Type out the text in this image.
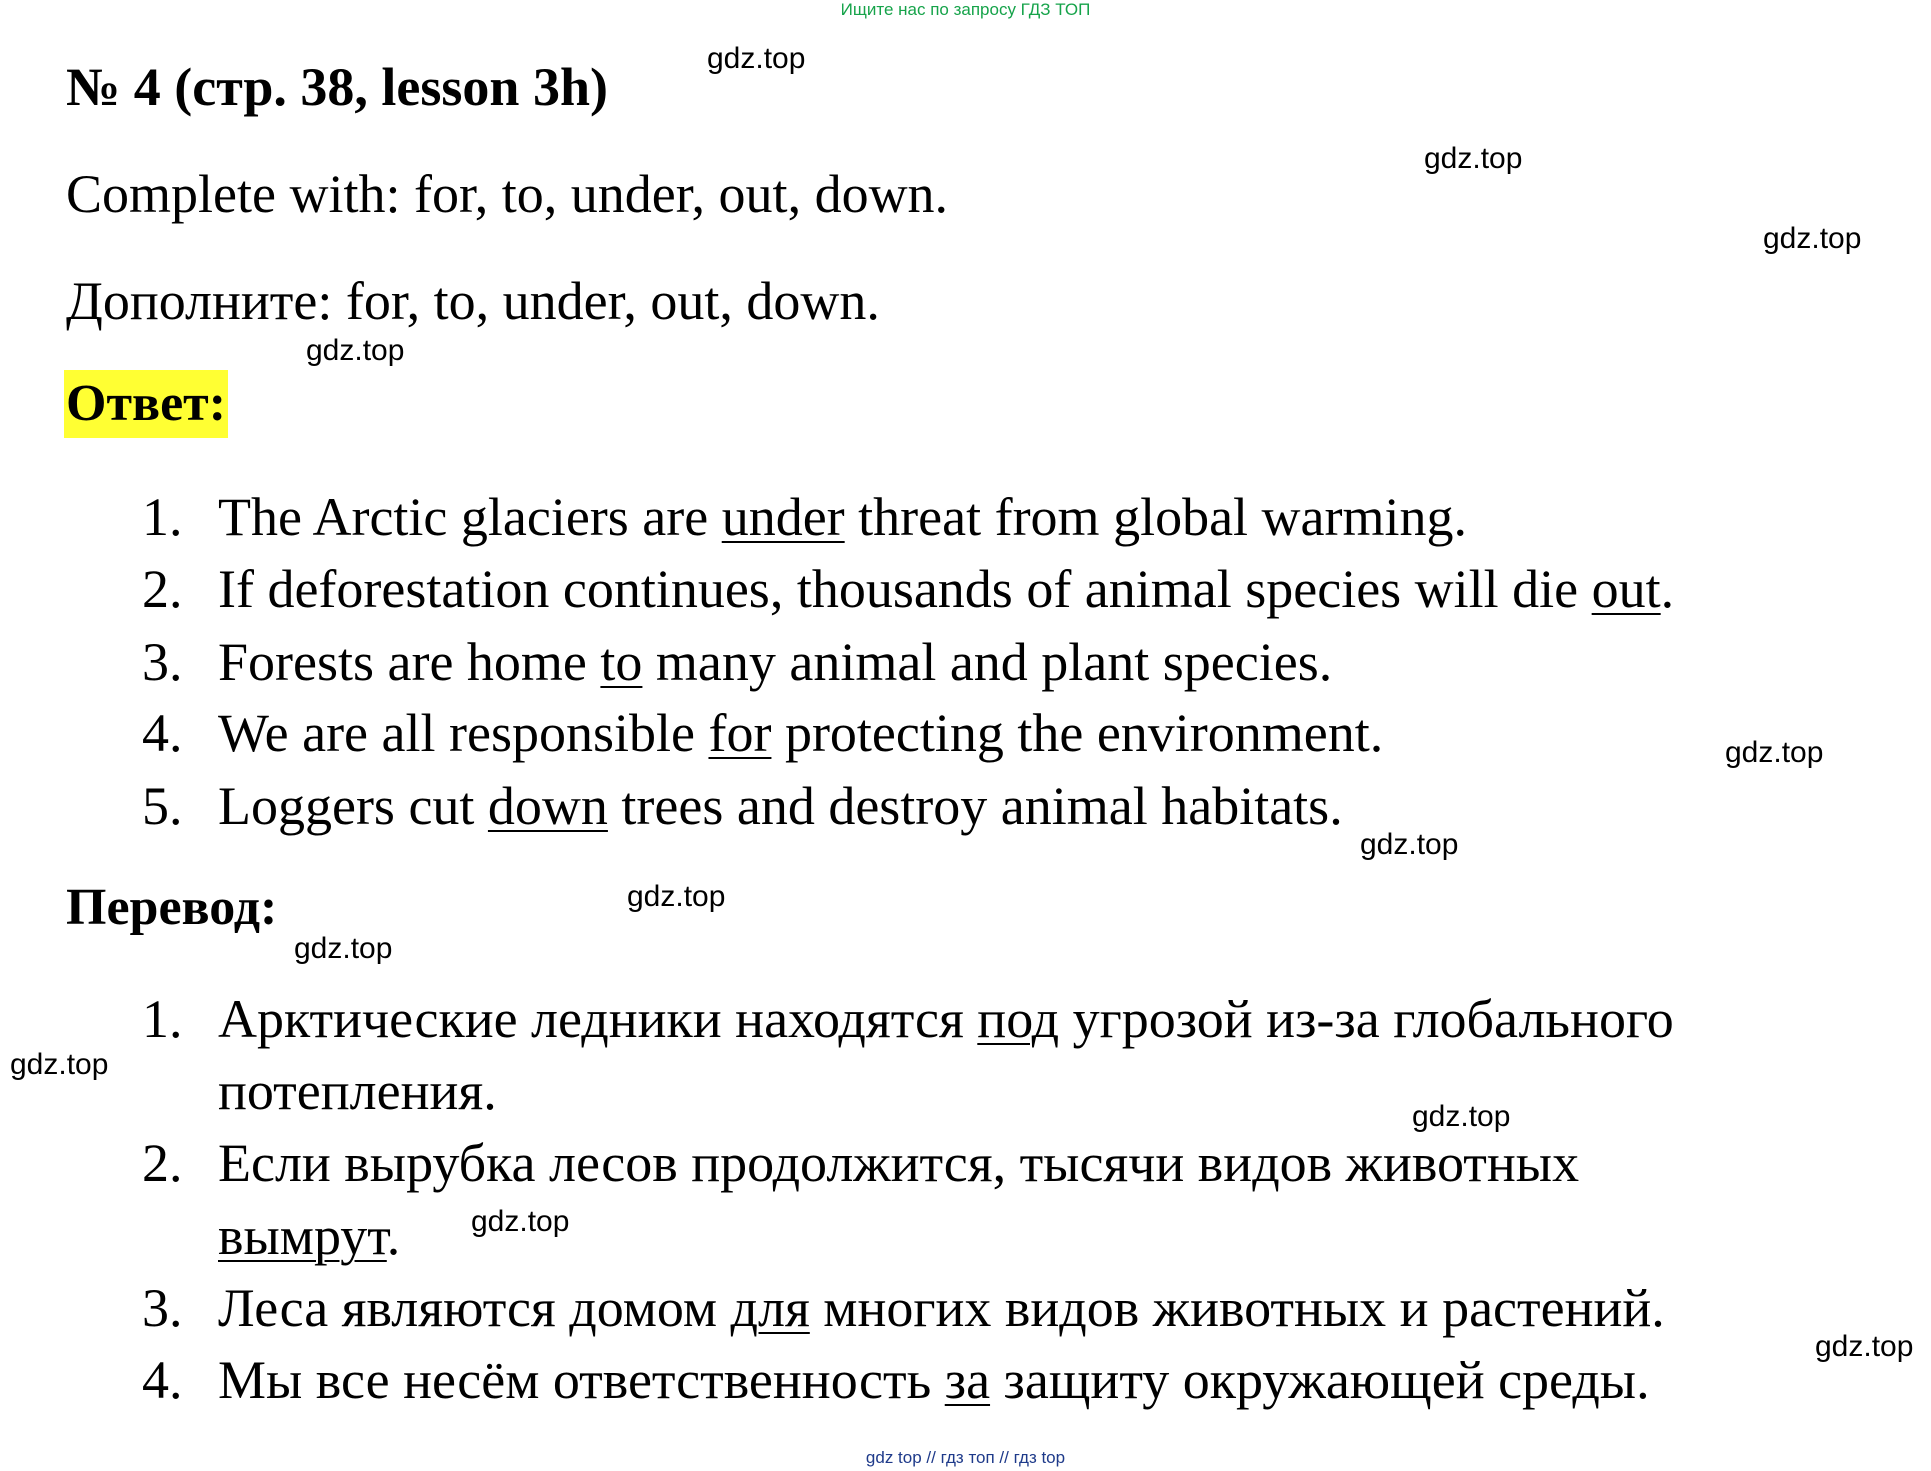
Ищите нас по запросу ГДЗ ТОП
№ 4 (стр. 38, lesson 3h)
Complete with: for, to, under, out, down.
Дополните: for, to, under, out, down.
Ответ:
1. The Arctic glaciers are under threat from global warming.
2. If deforestation continues, thousands of animal species will die out.
3. Forests are home to many animal and plant species.
4. We are all responsible for protecting the environment.
5. Loggers cut down trees and destroy animal habitats.
Перевод:
1. Арктические ледники находятся под угрозой из-за глобального
потепления.
2. Если вырубка лесов продолжится, тысячи видов животных
вымрут.
3. Леса являются домом для многих видов животных и растений.
4. Мы все несём ответственность за защиту окружающей среды.
gdz.top
gdz.top
gdz.top
gdz.top
gdz.top
gdz.top
gdz.top
gdz.top
gdz.top
gdz.top
gdz.top
gdz.top
gdz top // гдз топ // гдз top
